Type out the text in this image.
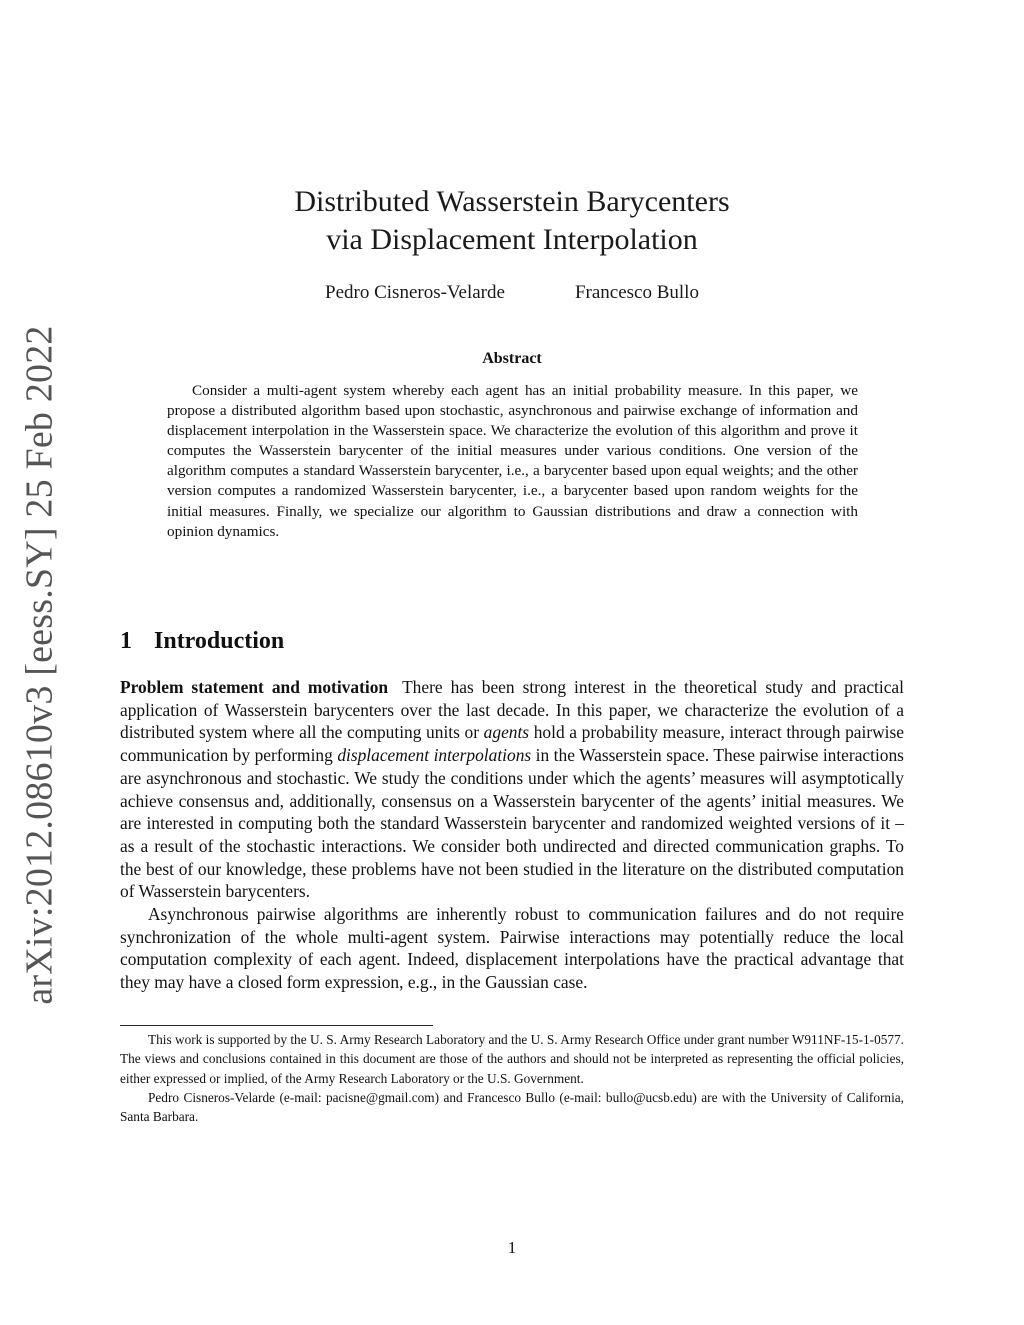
arXiv:2012.08610v3 [eess.SY] 25 Feb 2022
Distributed Wasserstein Barycenters
via Displacement Interpolation
Pedro Cisneros-Velarde	Francesco Bullo
Abstract

Consider a multi-agent system whereby each agent has an initial probability measure. In this paper, we propose a distributed algorithm based upon stochastic, asynchronous and pairwise exchange of information and displacement interpolation in the Wasserstein space. We characterize the evolution of this algorithm and prove it computes the Wasserstein barycenter of the initial measures under various conditions. One version of the algorithm computes a standard Wasserstein barycenter, i.e., a barycenter based upon equal weights; and the other version computes a randomized Wasserstein barycenter, i.e., a barycenter based upon random weights for the initial measures. Finally, we specialize our algorithm to Gaussian distributions and draw a connection with opinion dynamics.

1 Introduction

Problem statement and motivation There has been strong interest in the theoretical study and practical application of Wasserstein barycenters over the last decade. In this paper, we characterize the evolution of a distributed system where all the computing units or agents hold a probability measure, interact through pairwise communication by performing displacement interpolations in the Wasserstein space. These pairwise interactions are asynchronous and stochastic. We study the conditions under which the agents’ measures will asymptotically achieve consensus and, additionally, consensus on a Wasserstein barycenter of the agents’ initial measures. We are interested in computing both the standard Wasserstein barycenter and randomized weighted versions of it – as a result of the stochastic interactions. We consider both undirected and directed communication graphs. To the best of our knowledge, these problems have not been studied in the literature on the distributed computation of Wasserstein barycenters.

Asynchronous pairwise algorithms are inherently robust to communication failures and do not require synchronization of the whole multi-agent system. Pairwise interactions may potentially reduce the local computation complexity of each agent. Indeed, displacement interpolations have the practical advantage that they may have a closed form expression, e.g., in the Gaussian case.

This work is supported by the U. S. Army Research Laboratory and the U. S. Army Research Office under grant number W911NF-15-1-0577. The views and conclusions contained in this document are those of the authors and should not be interpreted as representing the official policies, either expressed or implied, of the Army Research Laboratory or the U.S. Government.

Pedro Cisneros-Velarde (e-mail: pacisne@gmail.com) and Francesco Bullo (e-mail: bullo@ucsb.edu) are with the University of California, Santa Barbara.

1
